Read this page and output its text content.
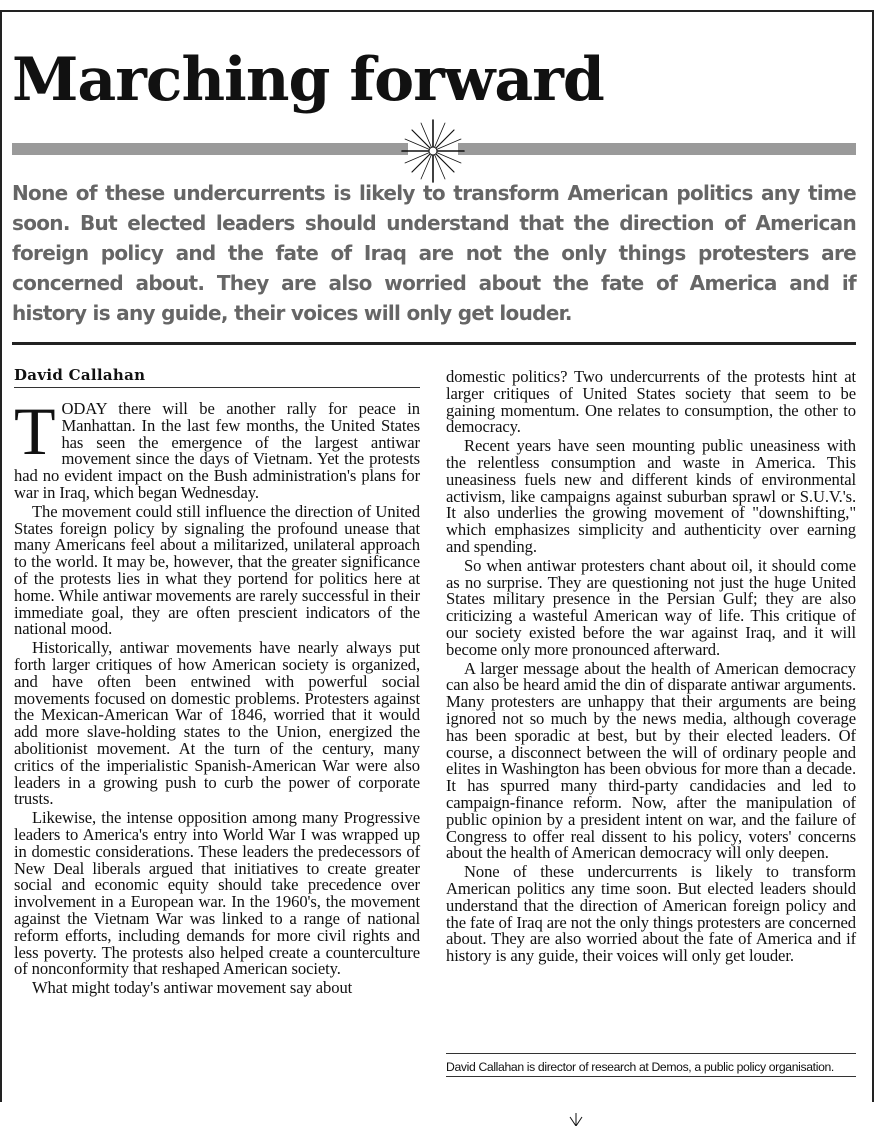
Marching forward

None of these undercurrents is likely to transform American politics any time soon. But elected leaders should understand that the direction of American foreign policy and the fate of Iraq are not the only things protesters are concerned about. They are also worried about the fate of America and if history is any guide, their voices will only get louder.

David Callahan

TODAY there will be another rally for peace in Manhattan. In the last few months, the United States has seen the emergence of the largest antiwar movement since the days of Vietnam. Yet the protests had no evident impact on the Bush administration's plans for war in Iraq, which began Wednesday.

The movement could still influence the direction of United States foreign policy by signaling the profound unease that many Americans feel about a militarized, unilateral approach to the world. It may be, however, that the greater significance of the protests lies in what they portend for politics here at home. While antiwar movements are rarely successful in their immediate goal, they are often prescient indicators of the national mood.

Historically, antiwar movements have nearly always put forth larger critiques of how American society is organized, and have often been entwined with powerful social movements focused on domestic problems. Protesters against the Mexican-American War of 1846, worried that it would add more slave-holding states to the Union, energized the abolitionist movement. At the turn of the century, many critics of the imperialistic Spanish-American War were also leaders in a growing push to curb the power of corporate trusts.

Likewise, the intense opposition among many Progressive leaders to America's entry into World War I was wrapped up in domestic considerations. These leaders the predecessors of New Deal liberals argued that initiatives to create greater social and economic equity should take precedence over involvement in a European war. In the 1960's, the movement against the Vietnam War was linked to a range of national reform efforts, including demands for more civil rights and less poverty. The protests also helped create a counterculture of nonconformity that reshaped American society.

What might today's antiwar movement say about

domestic politics? Two undercurrents of the protests hint at larger critiques of United States society that seem to be gaining momentum. One relates to consumption, the other to democracy.

Recent years have seen mounting public uneasiness with the relentless consumption and waste in America. This uneasiness fuels new and different kinds of environmental activism, like campaigns against suburban sprawl or S.U.V.'s. It also underlies the growing movement of "downshifting," which emphasizes simplicity and authenticity over earning and spending.

So when antiwar protesters chant about oil, it should come as no surprise. They are questioning not just the huge United States military presence in the Persian Gulf; they are also criticizing a wasteful American way of life. This critique of our society existed before the war against Iraq, and it will become only more pronounced afterward.

A larger message about the health of American democracy can also be heard amid the din of disparate antiwar arguments. Many protesters are unhappy that their arguments are being ignored not so much by the news media, although coverage has been sporadic at best, but by their elected leaders. Of course, a disconnect between the will of ordinary people and elites in Washington has been obvious for more than a decade. It has spurred many third-party candidacies and led to campaign-finance reform. Now, after the manipulation of public opinion by a president intent on war, and the failure of Congress to offer real dissent to his policy, voters' concerns about the health of American democracy will only deepen.

None of these undercurrents is likely to transform American politics any time soon. But elected leaders should understand that the direction of American foreign policy and the fate of Iraq are not the only things protesters are concerned about. They are also worried about the fate of America and if history is any guide, their voices will only get louder.

David Callahan is director of research at Demos, a public policy organisation.
